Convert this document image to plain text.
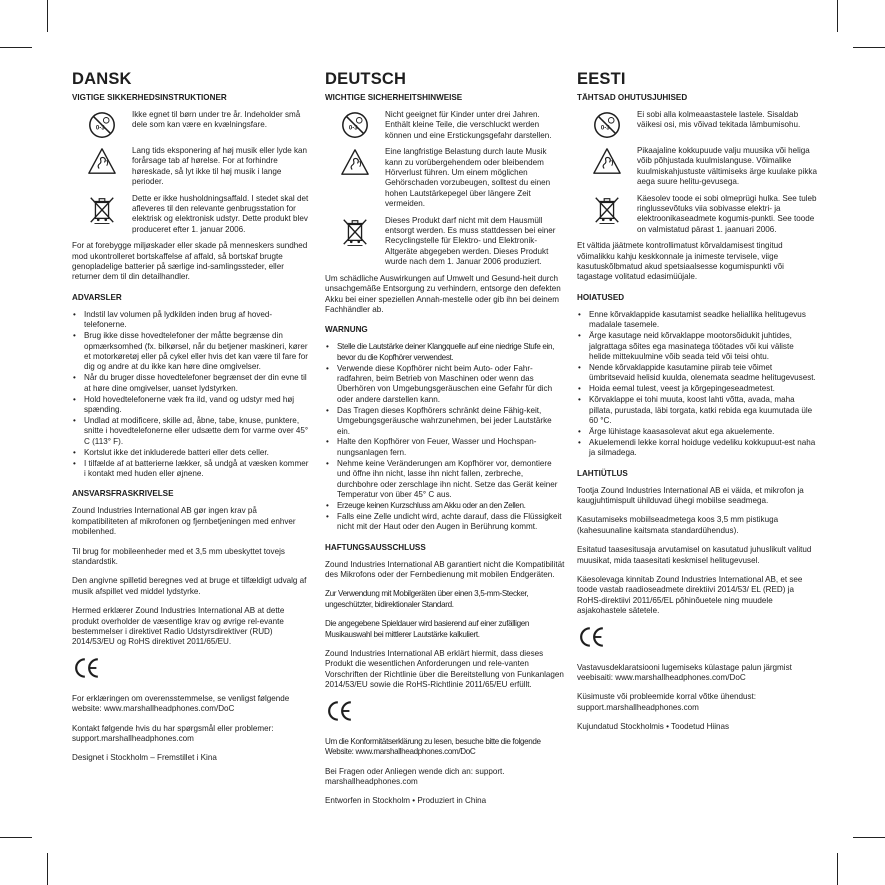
DANSK
VIGTIGE SIKKERHEDSINSTRUKTIONER
0-3
Ikke egnet til børn under tre år. Indeholder små dele som kan være en kvælningsfare.
Lang tids eksponering af høj musik eller lyde kan forårsage tab af hørelse. For at forhindre høreskade, så lyt ikke til høj musik i lange perioder.
Dette er ikke husholdningsaffald. I stedet skal det afleveres til den relevante genbrugsstation for elektrisk og elektronisk udstyr. Dette produkt blev produceret efter 1. januar 2006.

For at forebygge miljøskader eller skade på menneskers sundhed mod ukontrolleret bortskaffelse af affald, så bortskaf brugte genopladelige batterier på særlige ind-samlingssteder, eller returner dem til din detailhandler.

ADVARSLER
• Indstil lav volumen på lydkilden inden brug af hoved-telefonerne.
• Brug ikke disse hovedtelefoner der måtte begrænse din opmærksomhed (fx. bilkørsel, når du betjener maskineri, kører et motorkøretøj eller på cykel eller hvis det kan være til fare for dig og andre at du ikke kan høre dine omgivelser.
• Når du bruger disse hovedtelefoner begrænset der din evne til at høre dine omgivelser, uanset lydstyrken.
• Hold hovedtelefonerne væk fra ild, vand og udstyr med høj spænding.
• Undlad at modificere, skille ad, åbne, tabe, knuse, punktere, snitte i hovedtelefonerne eller udsætte dem for varme over 45° C (113° F).
• Kortslut ikke det inkluderede batteri eller dets celler.
• I tilfælde af at batterierne lækker, så undgå at væsken kommer i kontakt med huden eller øjnene.
ANSVARSFRASKRIVELSE

Zound Industries International AB gør ingen krav på kompatibiliteten af mikrofonen og fjernbetjeningen med enhver mobilenhed.

Til brug for mobileenheder med et 3,5 mm ubeskyttet tovejs standardstik.

Den angivne spilletid beregnes ved at bruge et tilfældigt udvalg af musik afspillet ved middel lydstyrke.

Hermed erklærer Zound Industries International AB at dette produkt overholder de væsentlige krav og øvrige rel-evante bestemmelser i direktivet Radio Udstyrsdirektiver (RUD) 2014/53/EU og RoHS direktivet 2011/65/EU.

For erklæringen om overensstemmelse, se venligst følgende website: www.marshallheadphones.com/DoC

Kontakt følgende hvis du har spørgsmål eller problemer: support.marshallheadphones.com

Designet i Stockholm – Fremstillet i Kina

DEUTSCH
WICHTIGE SICHERHEITSHINWEISE
0-3
Nicht geeignet für Kinder unter drei Jahren. Enthält kleine Teile, die verschluckt werden können und eine Erstickungsgefahr darstellen.
Eine langfristige Belastung durch laute Musik kann zu vorübergehendem oder bleibendem Hörverlust führen. Um einem möglichen Gehörschaden vorzubeugen, solltest du einen hohen Lautstärkepegel über längere Zeit vermeiden.
Dieses Produkt darf nicht mit dem Hausmüll entsorgt werden. Es muss stattdessen bei einer Recyclingstelle für Elektro- und Elektronik-Altgeräte abgegeben werden. Dieses Produkt wurde nach dem 1. Januar 2006 produziert.

Um schädliche Auswirkungen auf Umwelt und Gesund-heit durch unsachgemäße Entsorgung zu verhindern, entsorge den defekten Akku bei einer speziellen Annah-mestelle oder gib ihn bei deinem Fachhändler ab.

WARNUNG
• Stelle die Lautstärke deiner Klangquelle auf eine niedrige Stufe ein, bevor du die Kopfhörer verwendest.
• Verwende diese Kopfhörer nicht beim Auto- oder Fahr-radfahren, beim Betrieb von Maschinen oder wenn das Überhören von Umgebungsgeräuschen eine Gefahr für dich oder andere darstellen kann.
• Das Tragen dieses Kopfhörers schränkt deine Fähig-keit, Umgebungsgeräusche wahrzunehmen, bei jeder Lautstärke ein.
• Halte den Kopfhörer von Feuer, Wasser und Hochspan-nungsanlagen fern.
• Nehme keine Veränderungen am Kopfhörer vor, demontiere und öffne ihn nicht, lasse ihn nicht fallen, zerbreche, durchbohre oder zerschlage ihn nicht. Setze das Gerät keiner Temperatur von über 45° C aus.
• Erzeuge keinen Kurzschluss am Akku oder an den Zellen.
• Falls eine Zelle undicht wird, achte darauf, dass die Flüssigkeit nicht mit der Haut oder den Augen in Berührung kommt.
HAFTUNGSAUSSCHLUSS

Zound Industries International AB garantiert nicht die Kompatibilität des Mikrofons oder der Fernbedienung mit mobilen Endgeräten.

Zur Verwendung mit Mobilgeräten über einen 3,5-mm-Stecker, ungeschützter, bidirektionaler Standard.

Die angegebene Spieldauer wird basierend auf einer zufälligen Musikauswahl bei mittlerer Lautstärke kalkuliert.

Zound Industries International AB erklärt hiermit, dass dieses Produkt die wesentlichen Anforderungen und rele-vanten Vorschriften der Richtlinie über die Bereitstellung von Funkanlagen 2014/53/EU sowie die RoHS-Richtlinie 2011/65/EU erfüllt.

Um die Konformitätserklärung zu lesen, besuche bitte die folgende Website: www.marshallheadphones.com/DoC

Bei Fragen oder Anliegen wende dich an: support. marshallheadphones.com

Entworfen in Stockholm • Produziert in China

EESTI
TÄHTSAD OHUTUSJUHISED
0-3
Ei sobi alla kolmeaastastele lastele. Sisaldab väikesi osi, mis võivad tekitada lämbumisohu.
Pikaajaline kokkupuude valju muusika või heliga võib põhjustada kuulmislanguse. Võimalike kuulmiskahjustuste vältimiseks ärge kuulake pikka aega suure helitu-gevusega.
Käesolev toode ei sobi olmeprügi hulka. See tuleb ringlussevõtuks viia sobivasse elektri- ja elektroonikaseadmete kogumis-punkti. See toode on valmistatud pärast 1. jaanuari 2006.

Et vältida jäätmete kontrollimatust kõrvaldamisest tingitud võimalikku kahju keskkonnale ja inimeste tervisele, viige kasutuskõlbmatud akud spetsiaalsesse kogumispunkti või tagastage volitatud edasimüüjale.

HOIATUSED
• Enne kõrvaklappide kasutamist seadke heliallika helitugevus madalale tasemele.
• Ärge kasutage neid kõrvaklappe mootorsõidukit juhtides, jalgrattaga sõites ega masinatega töötades või kui väliste helide mittekuulmine võib seada teid või teisi ohtu.
• Nende kõrvaklappide kasutamine piirab teie võimet ümbritsevaid helisid kuulda, olenemata seadme helitugevusest.
• Hoida eemal tulest, veest ja kõrgepingeseadmetest.
• Kõrvaklappe ei tohi muuta, koost lahti võtta, avada, maha pillata, purustada, läbi torgata, katki rebida ega kuumutada üle 60 °C.
• Ärge lühistage kaasasolevat akut ega akuelemente.
• Akuelemendi lekke korral hoiduge vedeliku kokkupuut-est naha ja silmadega.
LAHTIÜTLUS

Tootja Zound Industries International AB ei väida, et mikrofon ja kaugjuhtimispult ühilduvad ühegi mobiilse seadmega.

Kasutamiseks mobiilseadmetega koos 3,5 mm pistikuga (kahesuunaline kaitsmata standardühendus).

Esitatud taasesitusaja arvutamisel on kasutatud juhuslikult valitud muusikat, mida taasesitati keskmisel helitugevusel.

Käesolevaga kinnitab Zound Industries International AB, et see toode vastab raadioseadmete direktiivi 2014/53/ EL (RED) ja RoHS-direktiivi 2011/65/EL põhinõuetele ning muudele asjakohastele sätetele.

Vastavusdeklaratsiooni lugemiseks külastage palun järgmist veebisaiti: www.marshallheadphones.com/DoC

Küsimuste või probleemide korral võtke ühendust: support.marshallheadphones.com

Kujundatud Stockholmis • Toodetud Hiinas
